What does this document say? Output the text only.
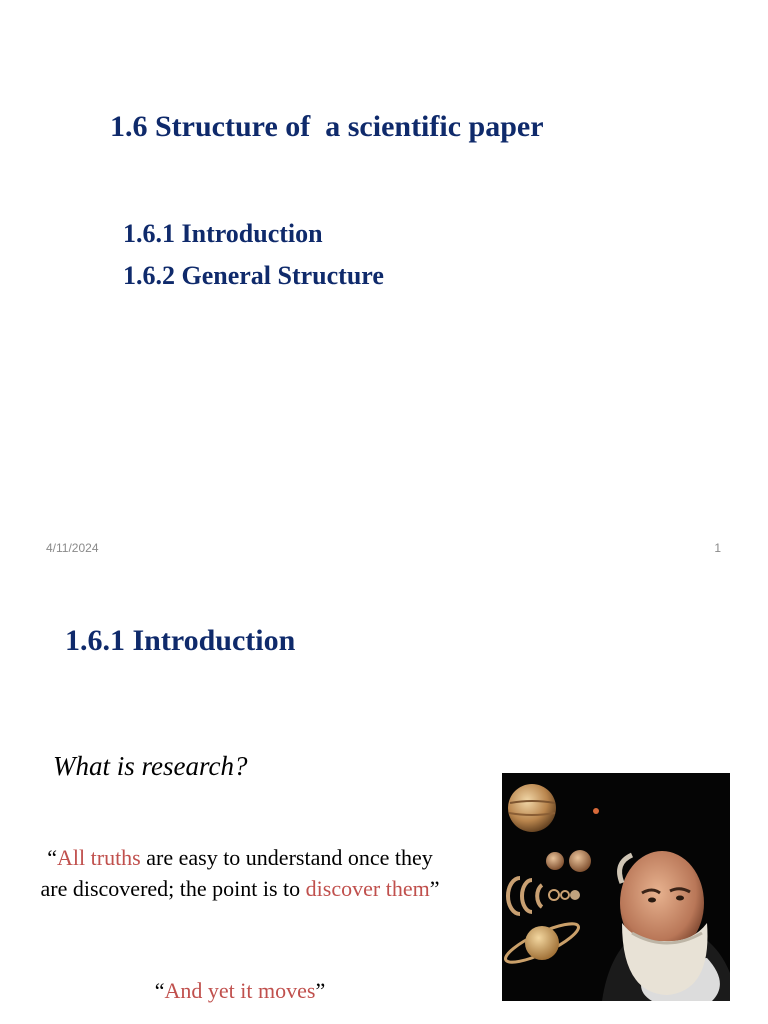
1.6 Structure of  a scientific paper
1.6.1 Introduction
1.6.2 General Structure
4/11/2024	1
1.6.1 Introduction
What is research?
“All truths are easy to understand once they are discovered; the point is to discover them”
“And yet it moves”
